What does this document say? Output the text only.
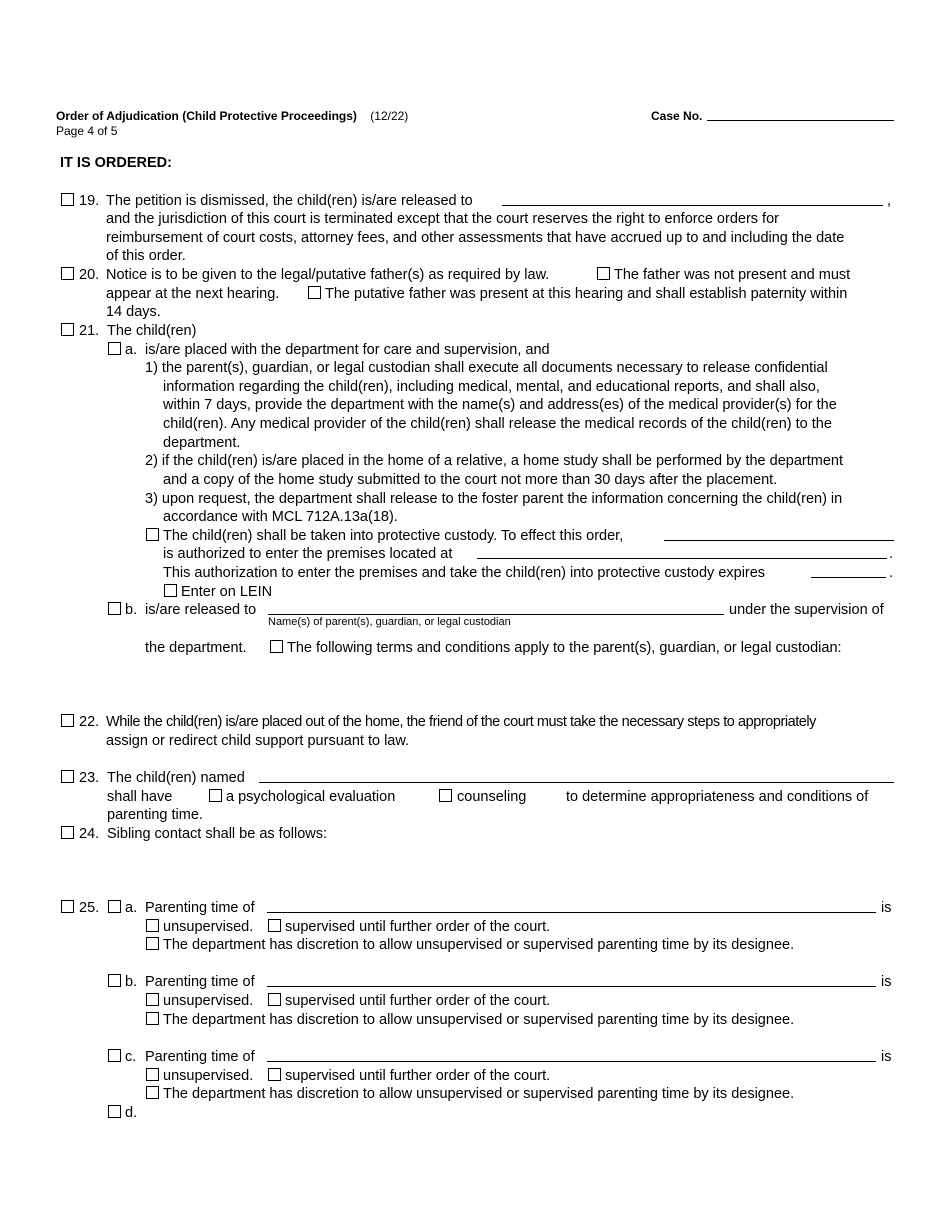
Order of Adjudication (Child Protective Proceedings) (12/22)
Page 4 of 5
Case No.
IT IS ORDERED:
19. The petition is dismissed, the child(ren) is/are released to	,
and the jurisdiction of this court is terminated except that the court reserves the right to enforce orders for
reimbursement of court costs, attorney fees, and other assessments that have accrued up to and including the date
of this order.
20. Notice is to be given to the legal/putative father(s) as required by law.	The father was not present and must
appear at the next hearing.	The putative father was present at this hearing and shall establish paternity within
14 days.
21. The child(ren)
a. is/are placed with the department for care and supervision, and
1) the parent(s), guardian, or legal custodian shall execute all documents necessary to release confidential
information regarding the child(ren), including medical, mental, and educational reports, and shall also,
within 7 days, provide the department with the name(s) and address(es) of the medical provider(s) for the
child(ren). Any medical provider of the child(ren) shall release the medical records of the child(ren) to the
department.
2) if the child(ren) is/are placed in the home of a relative, a home study shall be performed by the department
and a copy of the home study submitted to the court not more than 30 days after the placement.
3) upon request, the department shall release to the foster parent the information concerning the child(ren) in
accordance with MCL 712A.13a(18).
The child(ren) shall be taken into protective custody. To effect this order,
is authorized to enter the premises located at	.
This authorization to enter the premises and take the child(ren) into protective custody expires	.
Enter on LEIN
b. is/are released to	under the supervision of
Name(s) of parent(s), guardian, or legal custodian
the department.	The following terms and conditions apply to the parent(s), guardian, or legal custodian:
22. While the child(ren) is/are placed out of the home, the friend of the court must take the necessary steps to appropriately
assign or redirect child support pursuant to law.
23. The child(ren) named
shall have	a psychological evaluation	counseling	to determine appropriateness and conditions of
parenting time.
24. Sibling contact shall be as follows:
25. a. Parenting time of	is
unsupervised. supervised until further order of the court.
The department has discretion to allow unsupervised or supervised parenting time by its designee.
b. Parenting time of	is
unsupervised. supervised until further order of the court.
The department has discretion to allow unsupervised or supervised parenting time by its designee.
c. Parenting time of	is
unsupervised. supervised until further order of the court.
The department has discretion to allow unsupervised or supervised parenting time by its designee.
d.
